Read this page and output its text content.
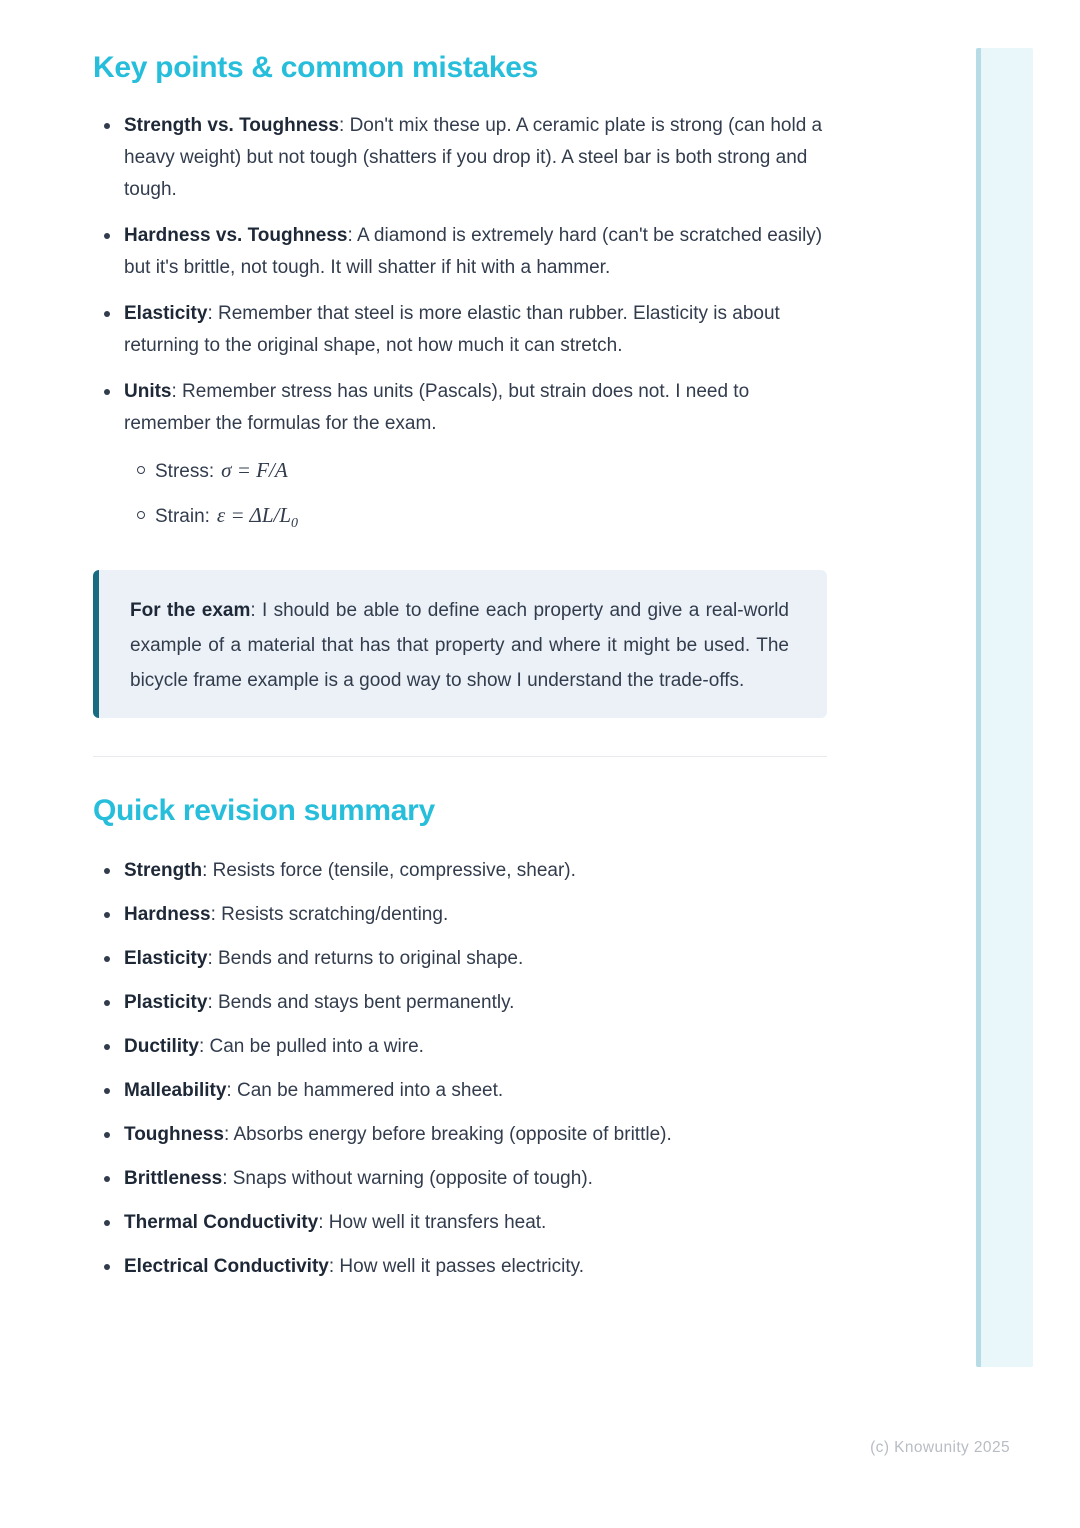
Key points & common mistakes

Strength vs. Toughness: Don't mix these up. A ceramic plate is strong (can hold a heavy weight) but not tough (shatters if you drop it). A steel bar is both strong and tough.

Hardness vs. Toughness: A diamond is extremely hard (can't be scratched easily) but it's brittle, not tough. It will shatter if hit with a hammer.

Elasticity: Remember that steel is more elastic than rubber. Elasticity is about returning to the original shape, not how much it can stretch.

Units: Remember stress has units (Pascals), but strain does not. I need to remember the formulas for the exam.

Stress: σ = F/A

Strain: $\varepsilon = \Delta L/L_0$

For the exam: I should be able to define each property and give a real-world example of a material that has that property and where it might be used. The bicycle frame example is a good way to show I understand the trade-offs.

Quick revision summary

Strength: Resists force (tensile, compressive, shear).

Hardness: Resists scratching/denting.

Elasticity: Bends and returns to original shape.

Plasticity: Bends and stays bent permanently.

Ductility: Can be pulled into a wire.

Malleability: Can be hammered into a sheet.

Toughness: Absorbs energy before breaking (opposite of brittle).

Brittleness: Snaps without warning (opposite of tough).

Thermal Conductivity: How well it transfers heat.

Electrical Conductivity: How well it passes electricity.

(c) Knowunity 2025
